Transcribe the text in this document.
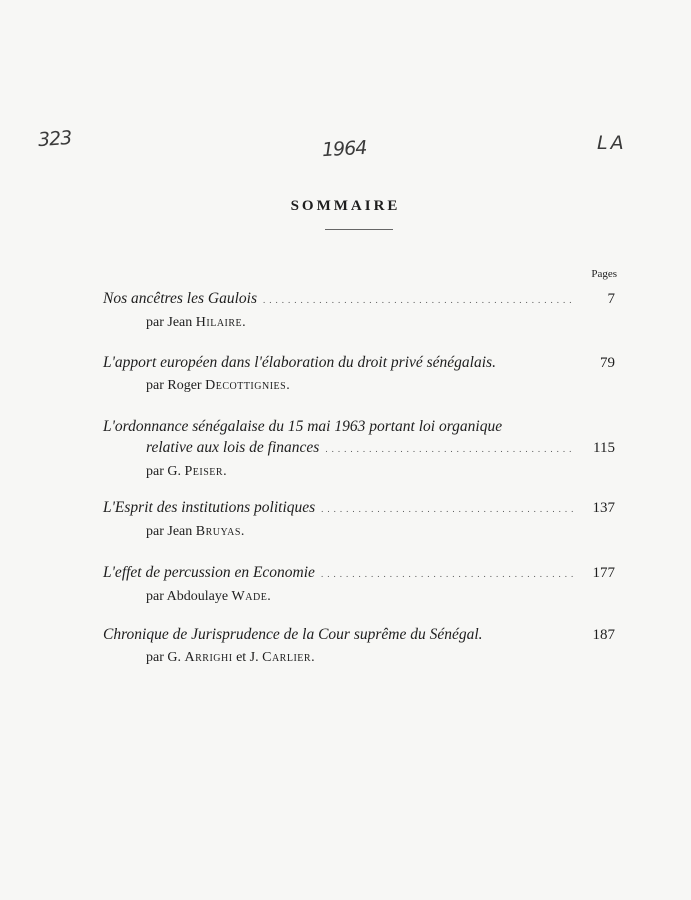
323	1964	LA
SOMMAIRE
Pages
Nos ancêtres les Gaulois .....	7
par Jean Hilaire.
L'apport européen dans l'élaboration du droit privé sénégalais.	79
par Roger Decottignies.
L'ordonnance sénégalaise du 15 mai 1963 portant loi organique
relative aux lois de finances .....	115
par G. Peiser.
L'Esprit des institutions politiques .....	137
par Jean Bruyas.
L'effet de percussion en Economie .....	177
par Abdoulaye Wade.
Chronique de Jurisprudence de la Cour suprême du Sénégal.	187
par G. Arrighi et J. Carlier.
